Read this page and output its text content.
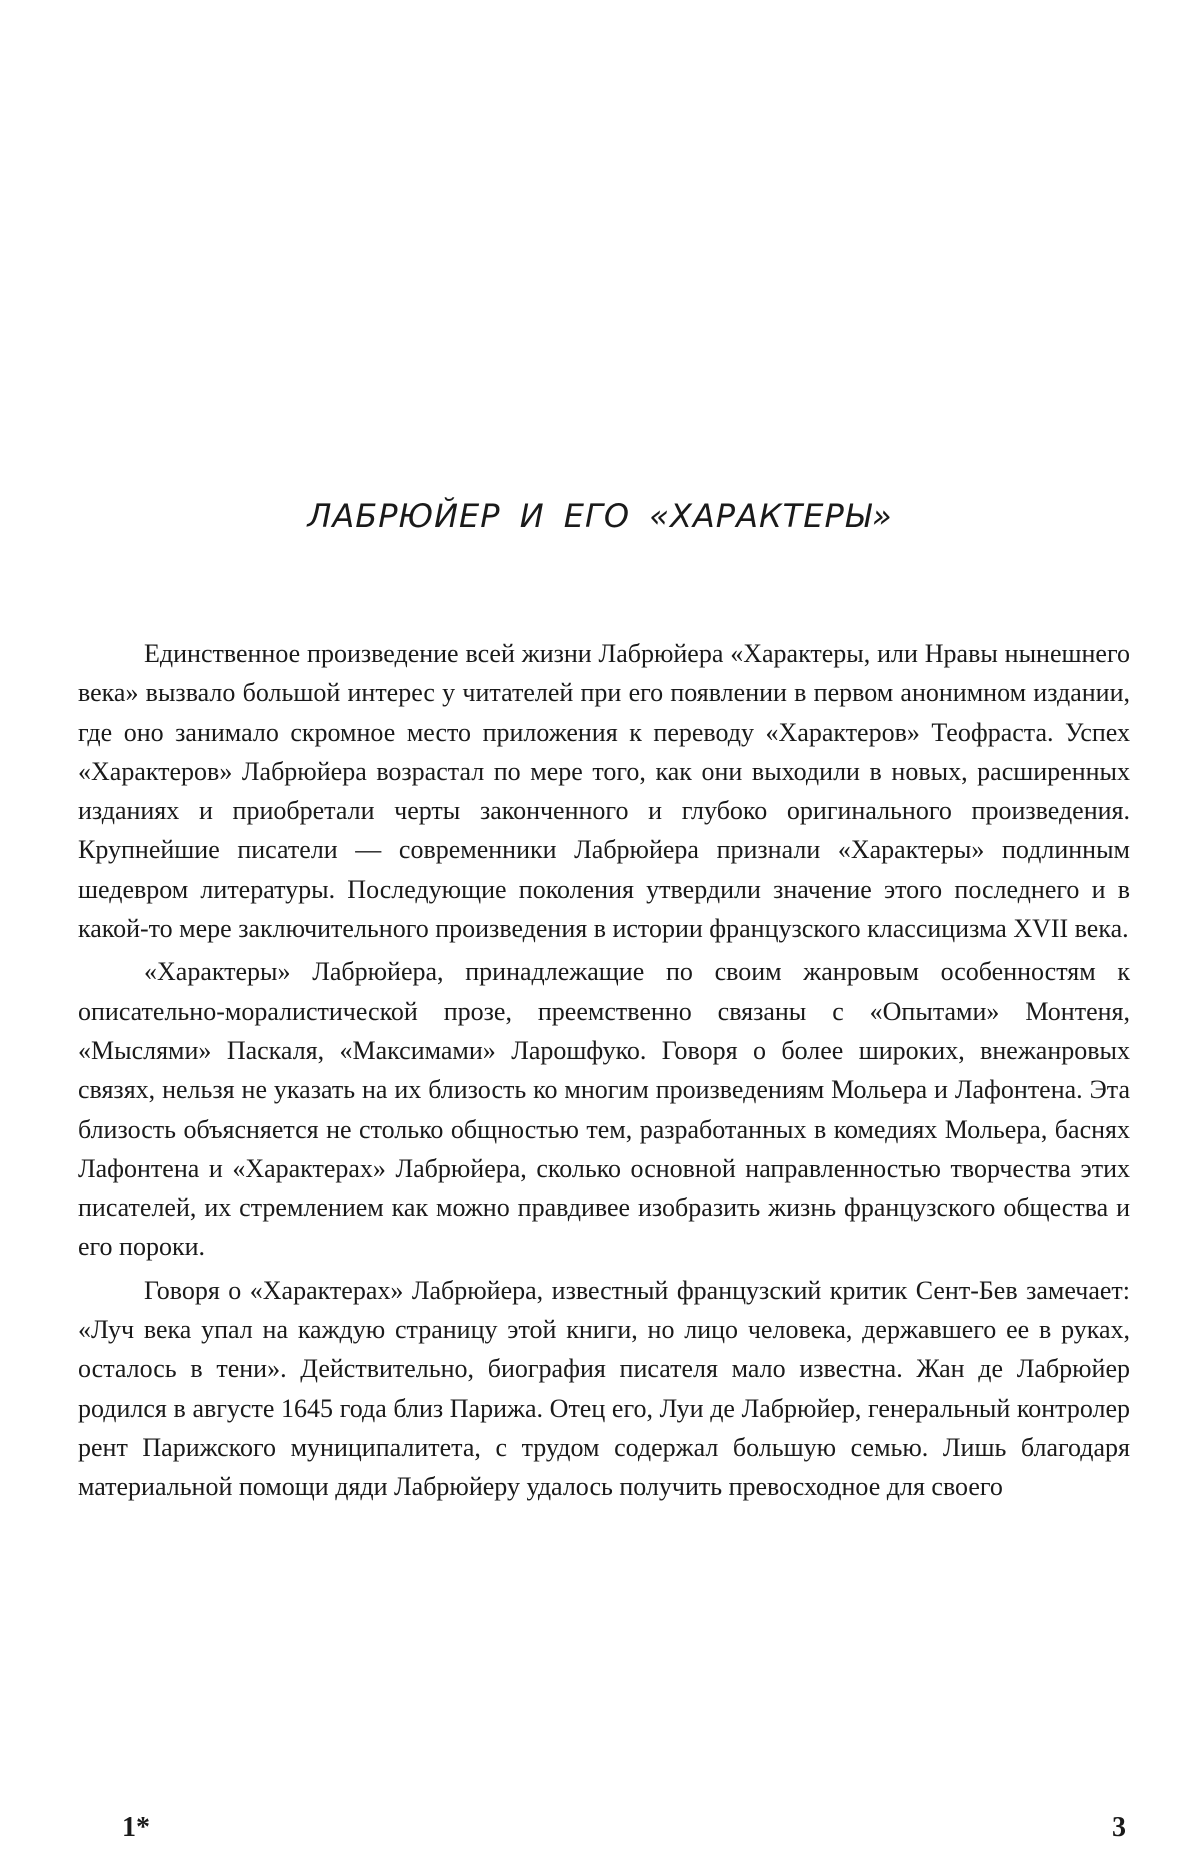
ЛАБРЮЙЕР И ЕГО «ХАРАКТЕРЫ»

Единственное произведение всей жизни Лабрюйера «Характеры, или Нравы нынешнего века» вызвало большой интерес у читателей при его появлении в первом анонимном издании, где оно занимало скромное место приложения к переводу «Характеров» Теофраста. Успех «Характеров» Лабрюйера возрастал по мере того, как они выходили в новых, расширенных изданиях и приобретали черты законченного и глубоко оригинального произведения. Крупнейшие писатели — современники Лабрюйера признали «Характеры» подлинным шедевром литературы. Последующие поколения утвердили значение этого последнего и в какой-то мере заключительного произведения в истории французского классицизма XVII века.

«Характеры» Лабрюйера, принадлежащие по своим жанровым особенностям к описательно-моралистической прозе, преемственно связаны с «Опытами» Монтеня, «Мыслями» Паскаля, «Максимами» Ларошфуко. Говоря о более широких, внежанровых связях, нельзя не указать на их близость ко многим произведениям Мольера и Лафонтена. Эта близость объясняется не столько общностью тем, разработанных в комедиях Мольера, баснях Лафонтена и «Характерах» Лабрюйера, сколько основной направленностью творчества этих писателей, их стремлением как можно правдивее изобразить жизнь французского общества и его пороки.

Говоря о «Характерах» Лабрюйера, известный французский критик Сент-Бев замечает: «Луч века упал на каждую страницу этой книги, но лицо человека, державшего ее в руках, осталось в тени». Действительно, биография писателя мало известна. Жан де Лабрюйер родился в августе 1645 года близ Парижа. Отец его, Луи де Лабрюйер, генеральный контролер рент Парижского муниципалитета, с трудом содержал большую семью. Лишь благодаря материальной помощи дяди Лабрюйеру удалось получить превосходное для своего

1*	3
